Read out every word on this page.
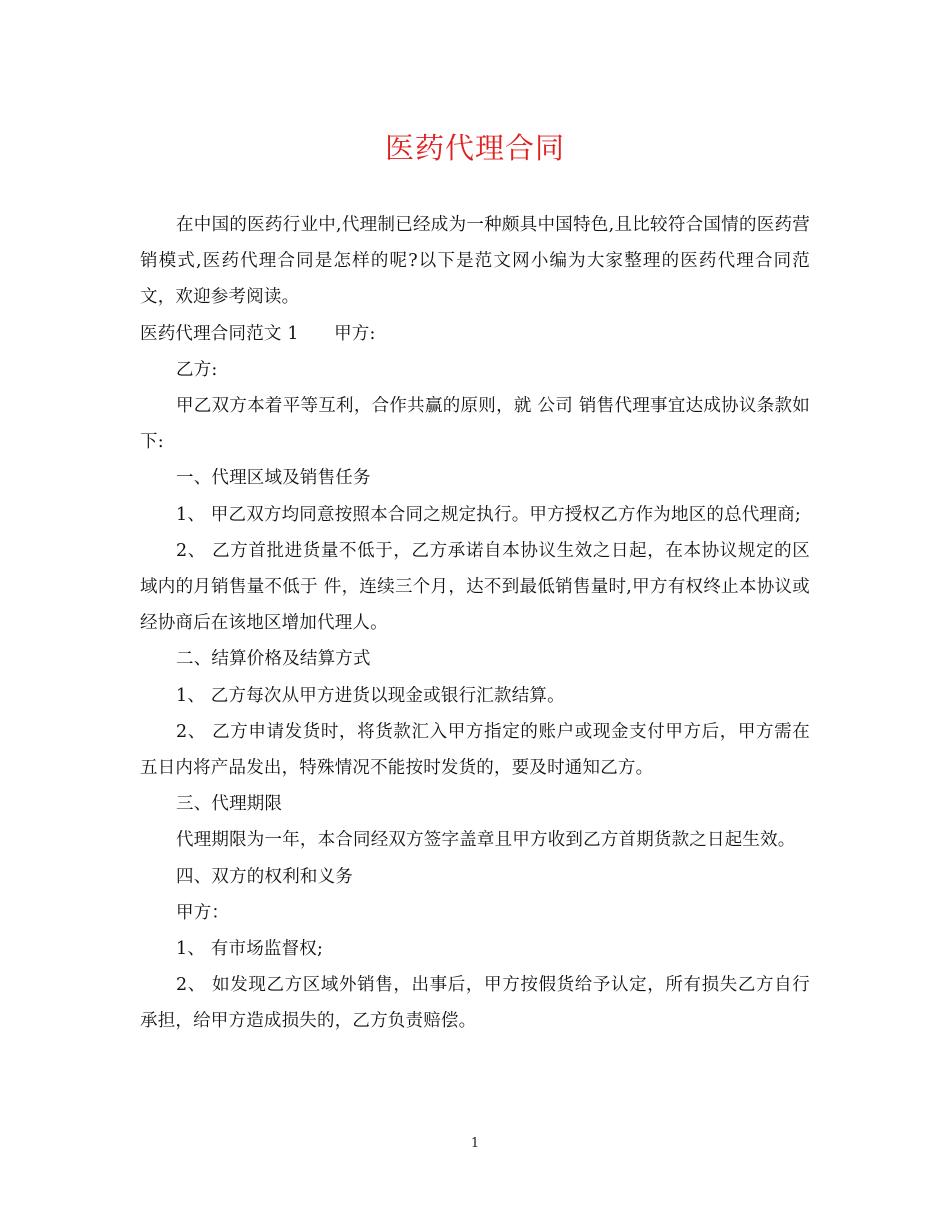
医药代理合同

在中国的医药行业中,代理制已经成为一种颇具中国特色,且比较符合国情的医药营销模式,医药代理合同是怎样的呢?以下是范文网小编为大家整理的医药代理合同范文，欢迎参考阅读。

医药代理合同范文 1　　甲方:

乙方:

甲乙双方本着平等互利，合作共赢的原则，就 公司 销售代理事宜达成协议条款如下:

一、代理区域及销售任务

1、 甲乙双方均同意按照本合同之规定执行。甲方授权乙方作为地区的总代理商;

2、 乙方首批进货量不低于，乙方承诺自本协议生效之日起，在本协议规定的区域内的月销售量不低于 件，连续三个月，达不到最低销售量时,甲方有权终止本协议或经协商后在该地区增加代理人。

二、结算价格及结算方式

1、 乙方每次从甲方进货以现金或银行汇款结算。

2、 乙方申请发货时，将货款汇入甲方指定的账户或现金支付甲方后，甲方需在五日内将产品发出，特殊情况不能按时发货的，要及时通知乙方。

三、代理期限

代理期限为一年，本合同经双方签字盖章且甲方收到乙方首期货款之日起生效。

四、双方的权利和义务

甲方：

1、 有市场监督权;

2、 如发现乙方区域外销售，出事后，甲方按假货给予认定，所有损失乙方自行承担，给甲方造成损失的，乙方负责赔偿。

1
